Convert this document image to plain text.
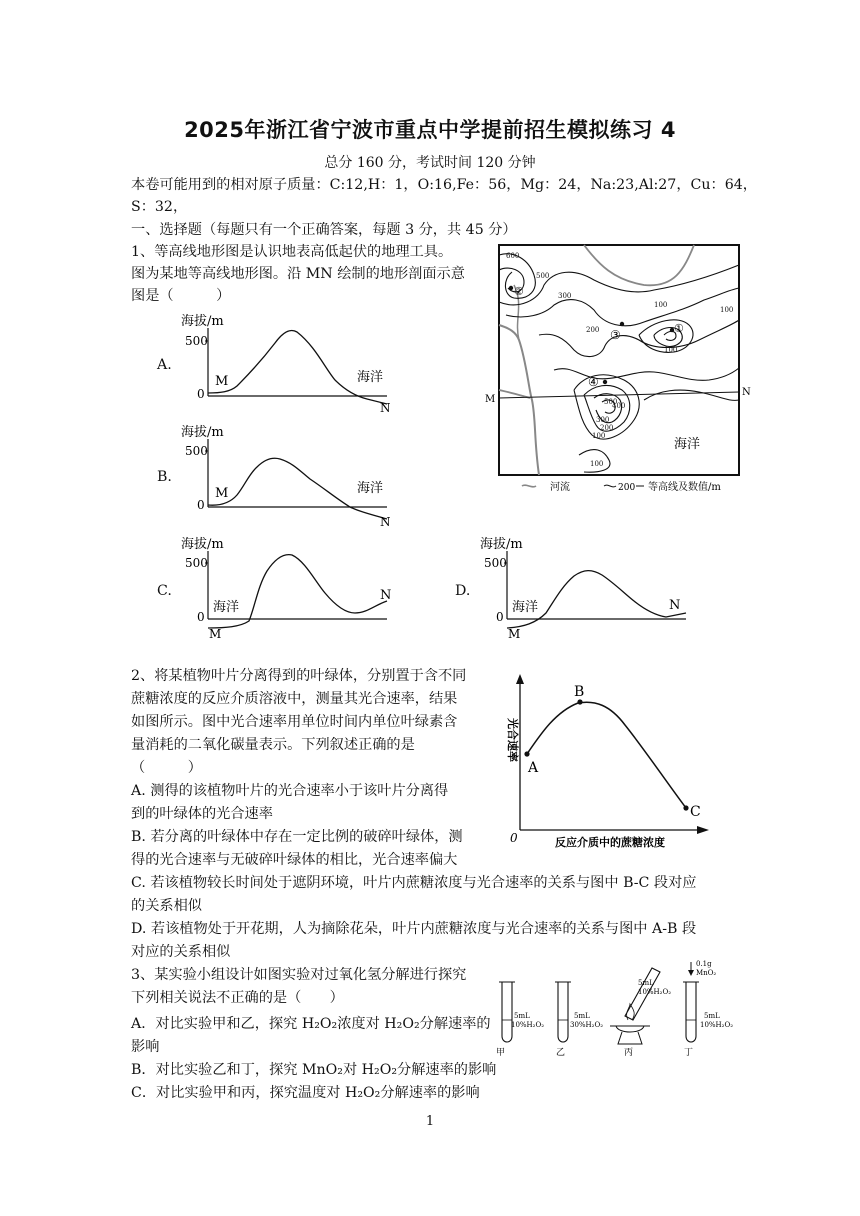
2025年浙江省宁波市重点中学提前招生模拟练习 4
总分 160 分，考试时间 120 分钟
本卷可能用到的相对原子质量：C:12,H：1，O:16,Fe：56，Mg：24，Na:23,Al:27，Cu：64，
S：32，
一、选择题（每题只有一个正确答案，每题 3 分，共 45 分）
1、等高线地形图是认识地表高低起伏的地理工具。
图为某地等高线地形图。沿 MN 绘制的地形剖面示意
图是（　　　）
A.
海拔/m
500
0
M	海洋
N
B.
海拔/m
500
0
M	海洋
N
C.
海拔/m
500
0
海洋
M
N	D.
海拔/m
500
0
海洋
M
N
M
N
②
①
③
④
600
500
300
100
200
100
100
400
500
300
200
100
100
海洋
河流	200 等高线及数值/m
2、将某植物叶片分离得到的叶绿体，分别置于含不同
蔗糖浓度的反应介质溶液中，测量其光合速率，结果
如图所示。图中光合速率用单位时间内单位叶绿素含
量消耗的二氧化碳量表示。下列叙述正确的是
（　　　）
A. 测得的该植物叶片的光合速率小于该叶片分离得
到的叶绿体的光合速率
B. 若分离的叶绿体中存在一定比例的破碎叶绿体，测
得的光合速率与无破碎叶绿体的相比，光合速率偏大
C. 若该植物较长时间处于遮阴环境，叶片内蔗糖浓度与光合速率的关系与图中 B-C 段对应
的关系相似
D. 若该植物处于开花期，人为摘除花朵，叶片内蔗糖浓度与光合速率的关系与图中 A-B 段
对应的关系相似
A
B
C
0	反应介质中的蔗糖浓度
光合速率
3、某实验小组设计如图实验对过氧化氢分解进行探究
下列相关说法不正确的是（　　）
A．对比实验甲和乙，探究 H₂O₂浓度对 H₂O₂分解速率的
影响
B．对比实验乙和丁，探究 MnO₂对 H₂O₂分解速率的影响
C．对比实验甲和丙，探究温度对 H₂O₂分解速率的影响
5mL
10%H₂O₂
甲
5mL
30%H₂O₂
乙
5mL
10%H₂O₂
丙
0.1g
MnO₂
5mL
10%H₂O₂
丁
1
